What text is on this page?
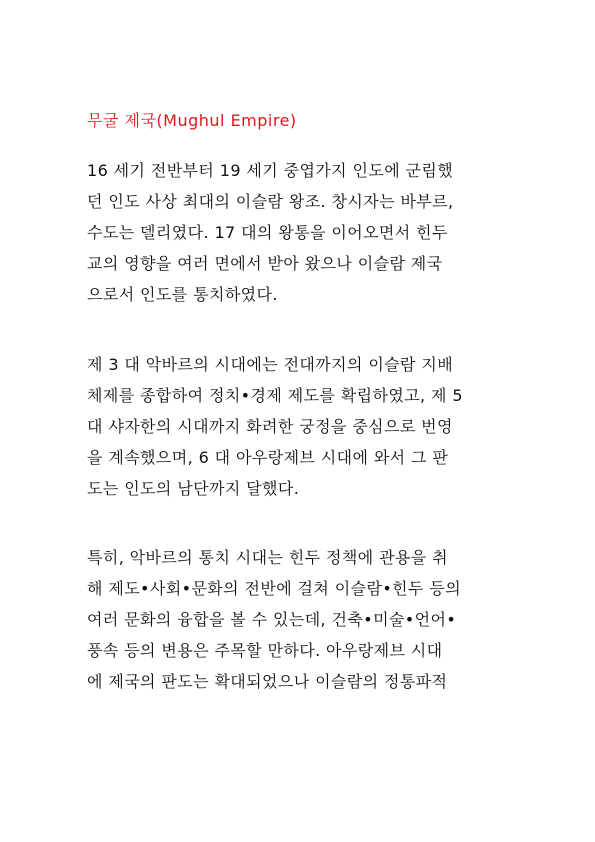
무굴 제국(Mughul Empire)
16 세기 전반부터 19 세기 중엽가지 인도에 군림했
던 인도 사상 최대의 이슬람 왕조. 창시자는 바부르,
수도는 델리였다. 17 대의 왕통을 이어오면서 힌두
교의 영향을 여러 면에서 받아 왔으나 이슬람 제국
으로서 인도를 통치하였다.
제 3 대 악바르의 시대에는 전대까지의 이슬람 지배
체제를 종합하여 정치•경제 제도를 확립하였고, 제 5
대 샤자한의 시대까지 화려한 궁정을 중심으로 번영
을 계속했으며, 6 대 아우랑제브 시대에 와서 그 판
도는 인도의 남단까지 달했다.
특히, 악바르의 통치 시대는 힌두 정책에 관용을 취
해 제도•사회•문화의 전반에 걸쳐 이슬람•힌두 등의
여러 문화의 융합을 볼 수 있는데, 건축•미술•언어•
풍속 등의 변용은 주목할 만하다. 아우랑제브 시대
에 제국의 판도는 확대되었으나 이슬람의 정통파적
